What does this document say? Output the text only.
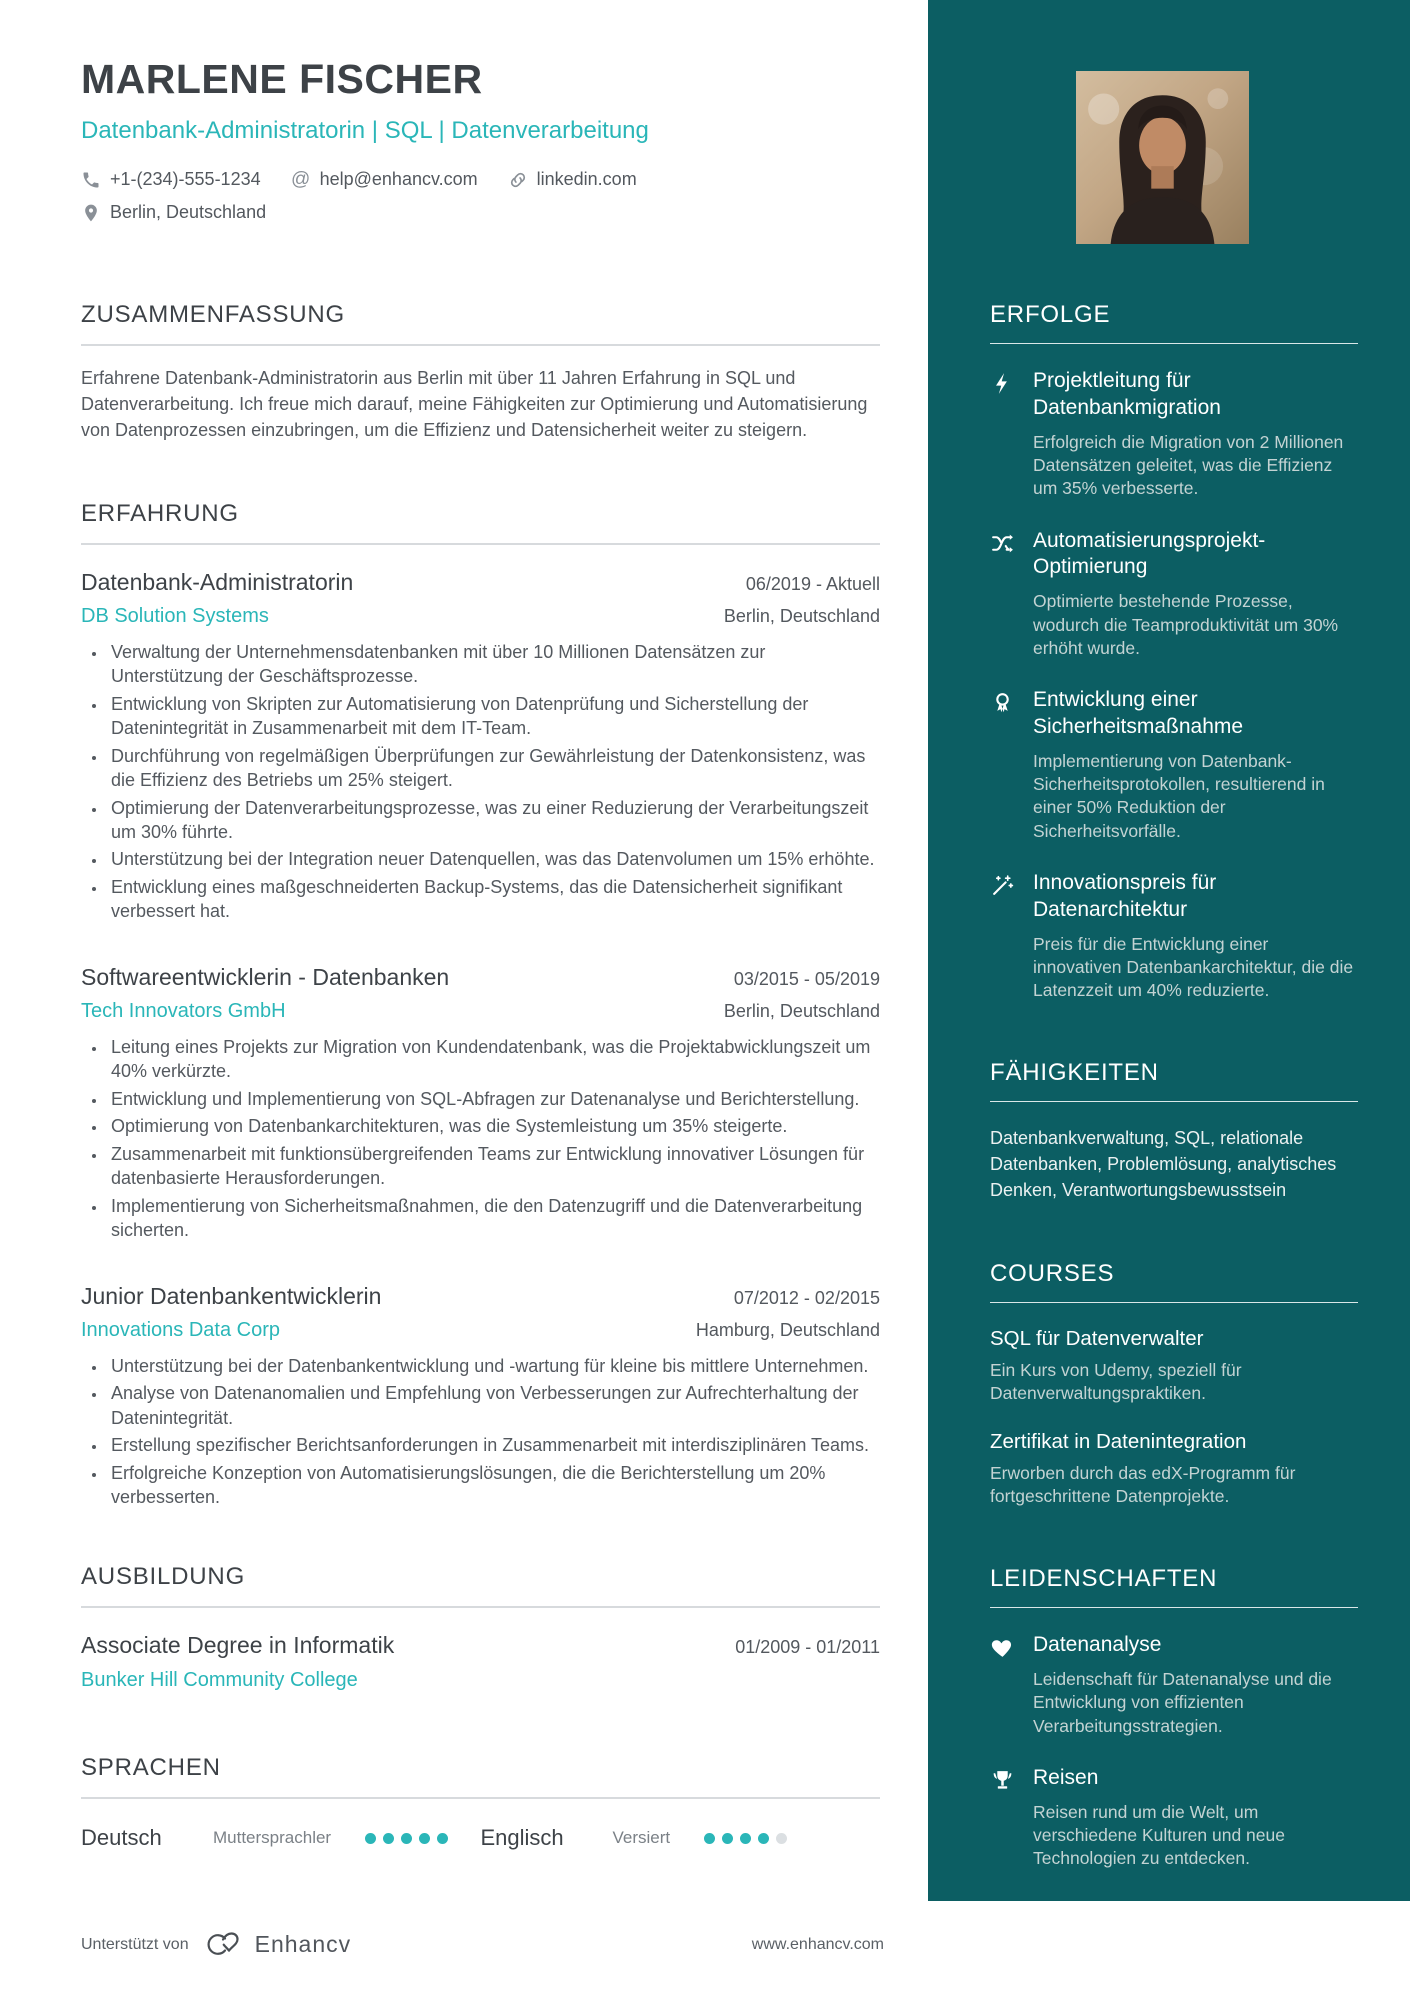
MARLENE FISCHER
Datenbank-Administratorin | SQL | Datenverarbeitung
+1-(234)-555-1234 @ help@enhancv.com	linkedin.com
Berlin, Deutschland
ZUSAMMENFASSUNG

Erfahrene Datenbank-Administratorin aus Berlin mit über 11 Jahren Erfahrung in SQL und Datenverarbeitung. Ich freue mich darauf, meine Fähigkeiten zur Optimierung und Automatisierung von Datenprozessen einzubringen, um die Effizienz und Datensicherheit weiter zu steigern.

ERFAHRUNG
Datenbank-Administratorin	06/2019 - Aktuell
DB Solution Systems	Berlin, Deutschland
• Verwaltung der Unternehmensdatenbanken mit über 10 Millionen Datensätzen zur Unterstützung der Geschäftsprozesse.
• Entwicklung von Skripten zur Automatisierung von Datenprüfung und Sicherstellung der Datenintegrität in Zusammenarbeit mit dem IT-Team.
• Durchführung von regelmäßigen Überprüfungen zur Gewährleistung der Datenkonsistenz, was die Effizienz des Betriebs um 25% steigert.
• Optimierung der Datenverarbeitungsprozesse, was zu einer Reduzierung der Verarbeitungszeit um 30% führte.
• Unterstützung bei der Integration neuer Datenquellen, was das Datenvolumen um 15% erhöhte.
• Entwicklung eines maßgeschneiderten Backup-Systems, das die Datensicherheit signifikant verbessert hat.
Softwareentwicklerin - Datenbanken	03/2015 - 05/2019
Tech Innovators GmbH	Berlin, Deutschland
• Leitung eines Projekts zur Migration von Kundendatenbank, was die Projektabwicklungszeit um 40% verkürzte.
• Entwicklung und Implementierung von SQL-Abfragen zur Datenanalyse und Berichterstellung.
• Optimierung von Datenbankarchitekturen, was die Systemleistung um 35% steigerte.
• Zusammenarbeit mit funktionsübergreifenden Teams zur Entwicklung innovativer Lösungen für datenbasierte Herausforderungen.
• Implementierung von Sicherheitsmaßnahmen, die den Datenzugriff und die Datenverarbeitung sicherten.
Junior Datenbankentwicklerin	07/2012 - 02/2015
Innovations Data Corp	Hamburg, Deutschland
• Unterstützung bei der Datenbankentwicklung und -wartung für kleine bis mittlere Unternehmen.
• Analyse von Datenanomalien und Empfehlung von Verbesserungen zur Aufrechterhaltung der Datenintegrität.
• Erstellung spezifischer Berichtsanforderungen in Zusammenarbeit mit interdisziplinären Teams.
• Erfolgreiche Konzeption von Automatisierungslösungen, die die Berichterstellung um 20% verbesserten.
AUSBILDUNG
Associate Degree in Informatik	01/2009 - 01/2011
Bunker Hill Community College
SPRACHEN
Deutsch	Muttersprachler	Englisch	Versiert
ERFOLGE

Projektleitung für Datenbankmigration

Erfolgreich die Migration von 2 Millionen Datensätzen geleitet, was die Effizienz um 35% verbesserte.

Automatisierungsprojekt-Optimierung

Optimierte bestehende Prozesse, wodurch die Teamproduktivität um 30% erhöht wurde.

Entwicklung einer Sicherheitsmaßnahme

Implementierung von Datenbank-Sicherheitsprotokollen, resultierend in einer 50% Reduktion der Sicherheitsvorfälle.

Innovationspreis für Datenarchitektur

Preis für die Entwicklung einer innovativen Datenbankarchitektur, die die Latenzzeit um 40% reduzierte.

FÄHIGKEITEN

Datenbankverwaltung, SQL, relationale Datenbanken, Problemlösung, analytisches Denken, Verantwortungsbewusstsein

COURSES

SQL für Datenverwalter

Ein Kurs von Udemy, speziell für Datenverwaltungspraktiken.

Zertifikat in Datenintegration

Erworben durch das edX-Programm für fortgeschrittene Datenprojekte.

LEIDENSCHAFTEN

Datenanalyse

Leidenschaft für Datenanalyse und die Entwicklung von effizienten Verarbeitungsstrategien.

Reisen

Reisen rund um die Welt, um verschiedene Kulturen und neue Technologien zu entdecken.

Unterstützt von	Enhancv	www.enhancv.com
